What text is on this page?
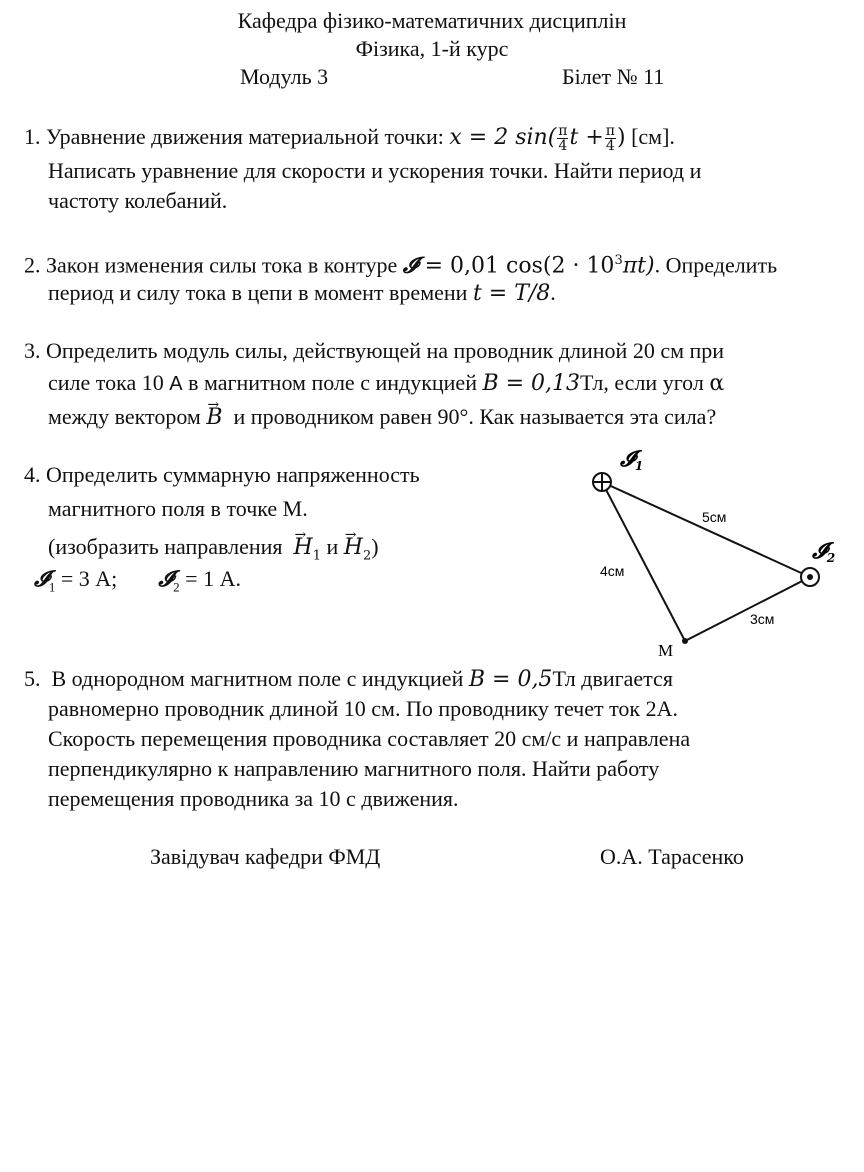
Кафедра фізико-математичних дисциплін
Фізика, 1-й курс
Модуль 3	Білет № 11
1. Уравнение движения материальной точки: x = 2 $\sin( \frac{\pi}{4}$ $t + \frac{\pi}{4}$ ) [см].
Написать уравнение для скорости и ускорения точки. Найти период и
частоту колебаний.
2. Закон изменения силы тока в контуре 𝓘 = 0,01 $\cos(2 \cdot 10^3\pi t)$. Определить
период и силу тока в цепи в момент времени t = T/8.
3. Определить модуль силы, действующей на проводник длиной 20 см при
силе тока 10 A в магнитном поле с индукцией B = 0,13Тл, если угол α
между вектором → B и проводником равен 90°. Как называется эта сила?
4. Определить суммарную напряженность
магнитного поля в точке М.
(изобразить направления → $H_1$ $и \to H_2$)
𝓘$_1$ = 3 А; 𝓘$_2$ = 1 А.
𝓘1
𝓘2
M
5см
4см
3см
5. В однородном магнитном поле с индукцией B = 0,5Тл двигается
равномерно проводник длиной 10 см. По проводнику течет ток 2А.
Скорость перемещения проводника составляет 20 см/с и направлена
перпендикулярно к направлению магнитного поля. Найти работу
перемещения проводника за 10 с движения.
Завідувач кафедри ФМД	О.А. Тарасенко
